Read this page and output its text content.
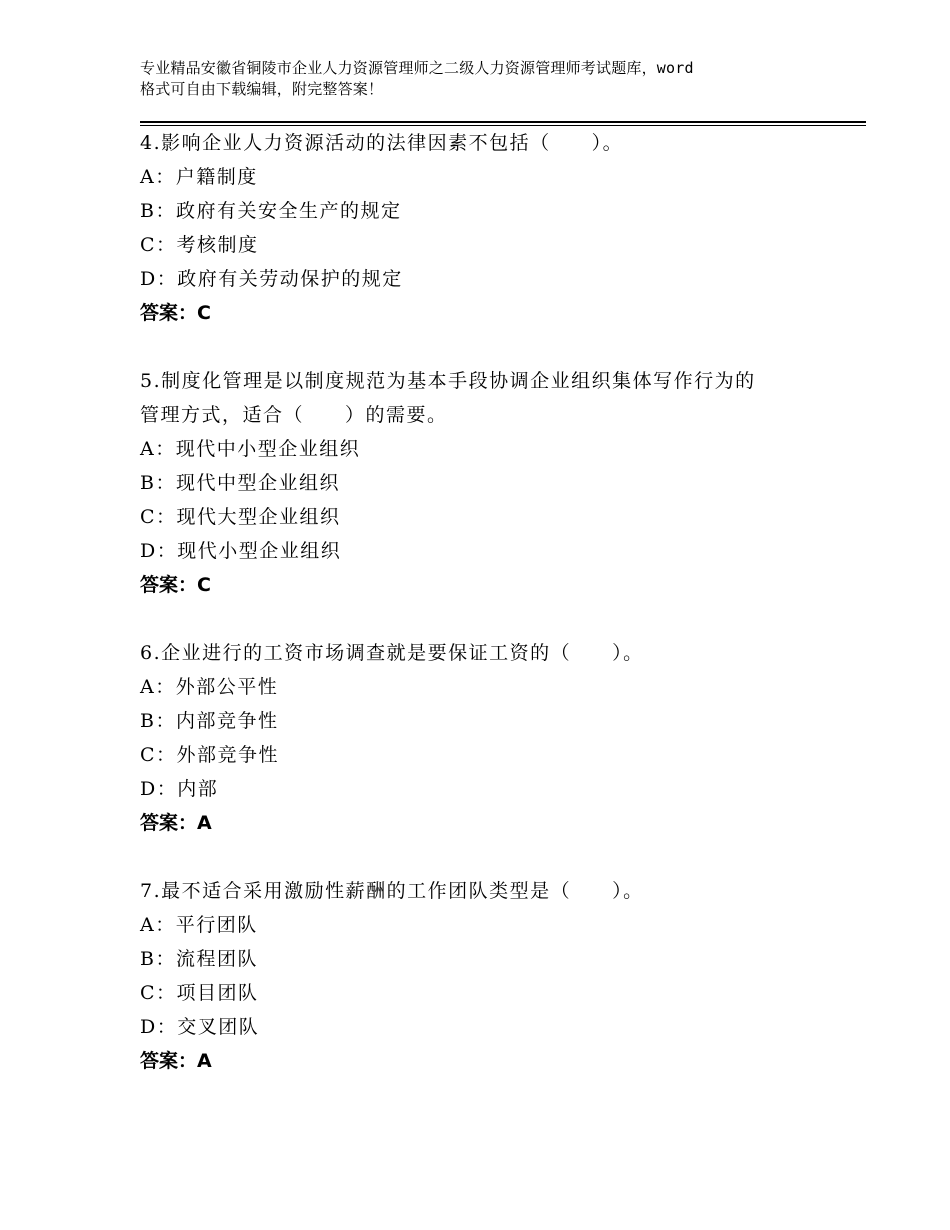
专业精品安徽省铜陵市企业人力资源管理师之二级人力资源管理师考试题库，word
格式可自由下载编辑，附完整答案！
4.影响企业人力资源活动的法律因素不包括（　　）。
A：户籍制度
B：政府有关安全生产的规定
C：考核制度
D：政府有关劳动保护的规定
答案：C
5.制度化管理是以制度规范为基本手段协调企业组织集体写作行为的
管理方式，适合（　　）的需要。
A：现代中小型企业组织
B：现代中型企业组织
C：现代大型企业组织
D：现代小型企业组织
答案：C
6.企业进行的工资市场调查就是要保证工资的（　　）。
A：外部公平性
B：内部竞争性
C：外部竞争性
D：内部
答案：A
7.最不适合采用激励性薪酬的工作团队类型是（　　）。
A：平行团队
B：流程团队
C：项目团队
D：交叉团队
答案：A
